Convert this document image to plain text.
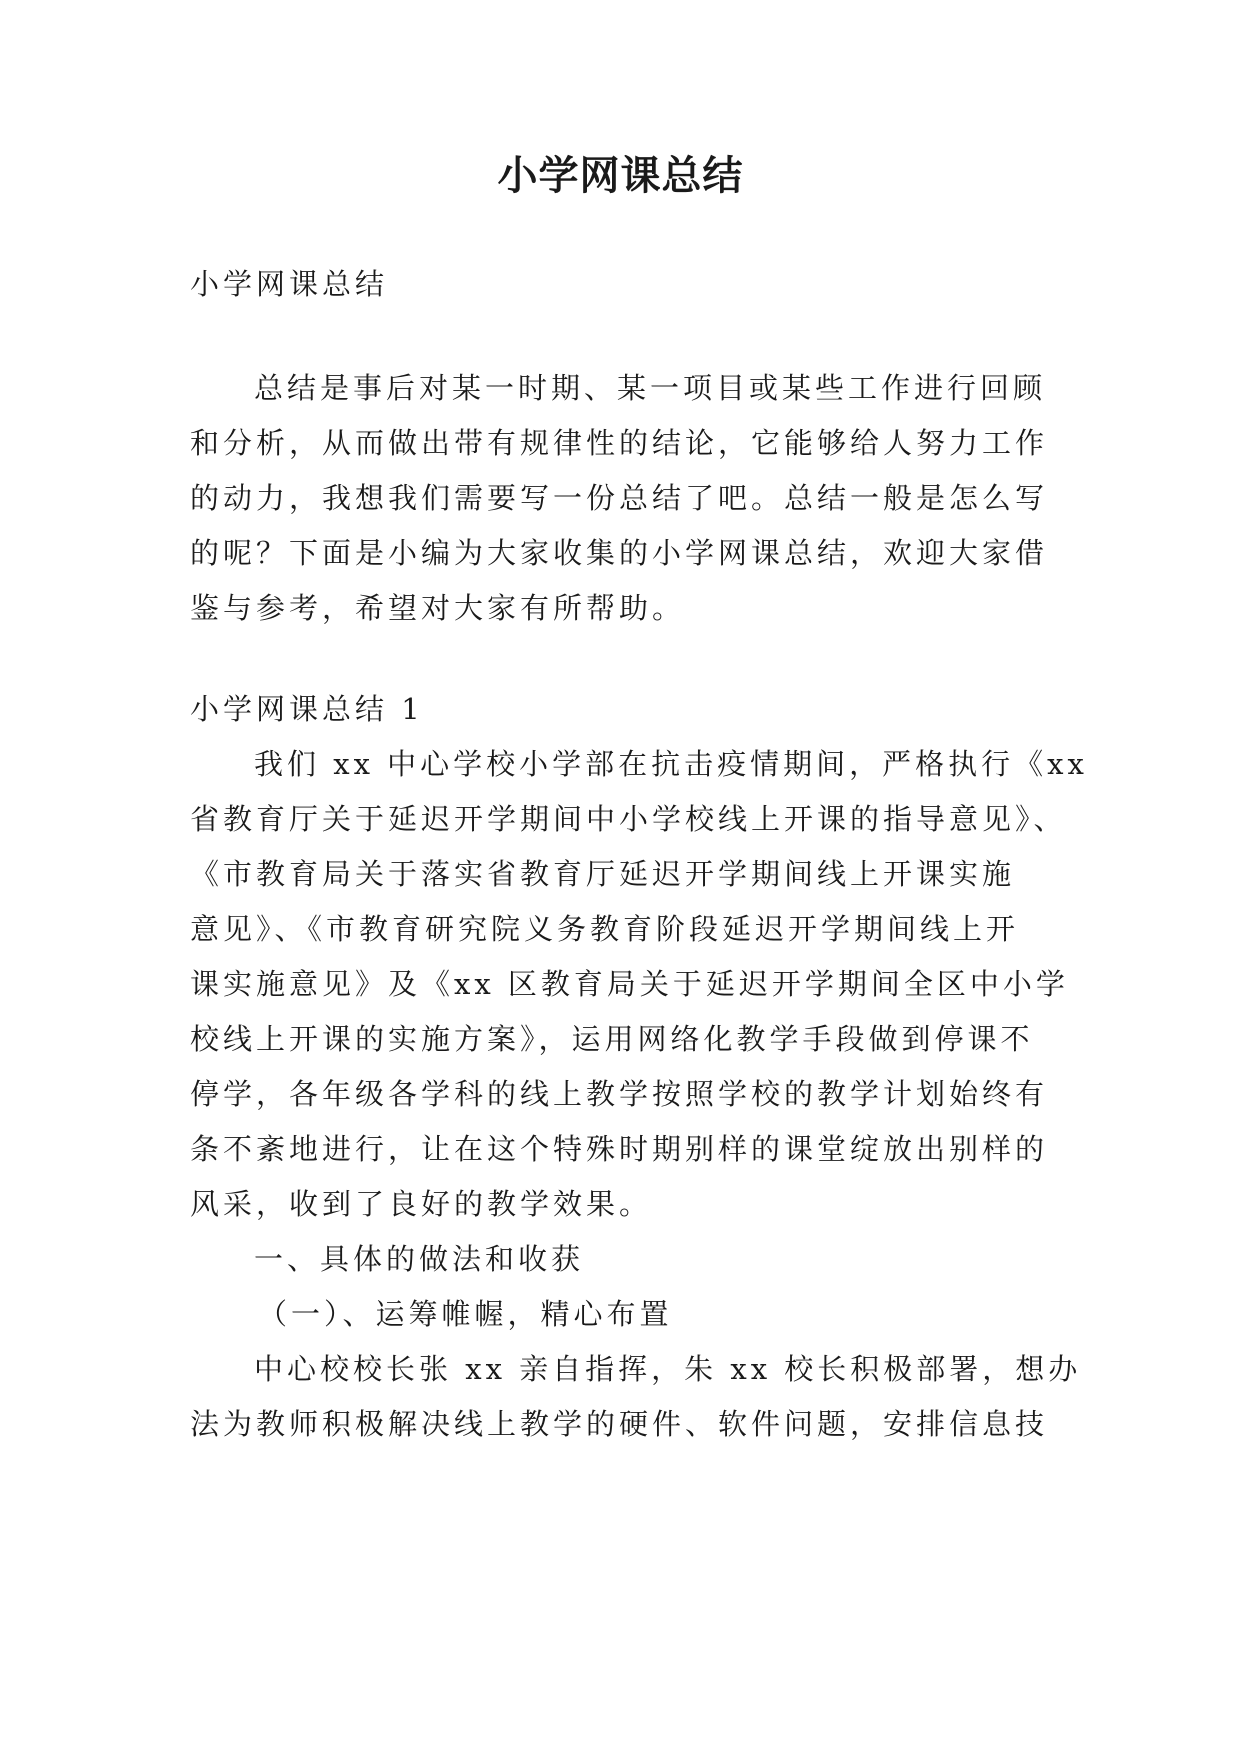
小学网课总结
小学网课总结
总结是事后对某一时期、某一项目或某些工作进行回顾
和分析，从而做出带有规律性的结论，它能够给人努力工作
的动力，我想我们需要写一份总结了吧。总结一般是怎么写
的呢？下面是小编为大家收集的小学网课总结，欢迎大家借
鉴与参考，希望对大家有所帮助。
小学网课总结 1
我们 xx 中心学校小学部在抗击疫情期间，严格执行《xx
省教育厅关于延迟开学期间中小学校线上开课的指导意见》、
《市教育局关于落实省教育厅延迟开学期间线上开课实施
意见》、《市教育研究院义务教育阶段延迟开学期间线上开
课实施意见》及《xx 区教育局关于延迟开学期间全区中小学
校线上开课的实施方案》，运用网络化教学手段做到停课不
停学，各年级各学科的线上教学按照学校的教学计划始终有
条不紊地进行，让在这个特殊时期别样的课堂绽放出别样的
风采，收到了良好的教学效果。
一、具体的做法和收获
（一）、运筹帷幄，精心布置
中心校校长张 xx 亲自指挥，朱 xx 校长积极部署，想办
法为教师积极解决线上教学的硬件、软件问题，安排信息技
